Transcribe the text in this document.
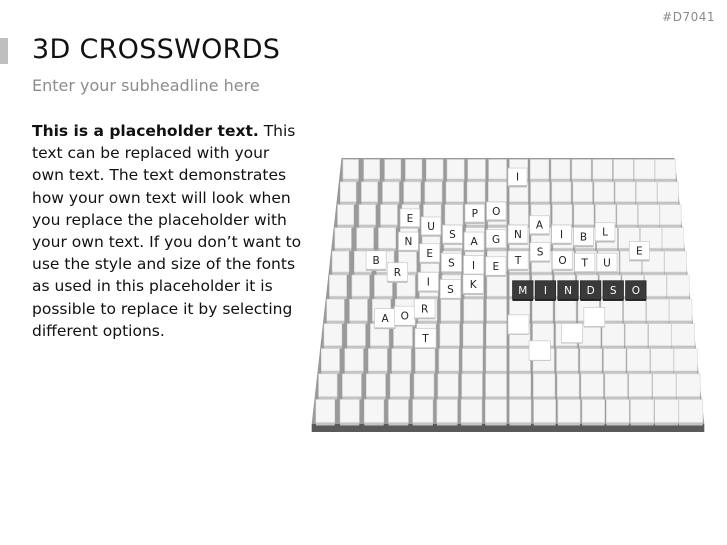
#D7041
3D CROSSWORDS
Enter your subheadline here
This is a placeholder text. This text can be replaced with your own text. The text demonstrates how your own text will look when you replace the placeholder with your own text. If you don’t want to use the style and size of the fonts as used in this placeholder it is possible to replace it by selecting different options.
I
P O
E
U
S
A G N
A
I B L
N
E
S I E T
S
O T U
E
B
R
I
S K
A O
R
T
M I N D S O
